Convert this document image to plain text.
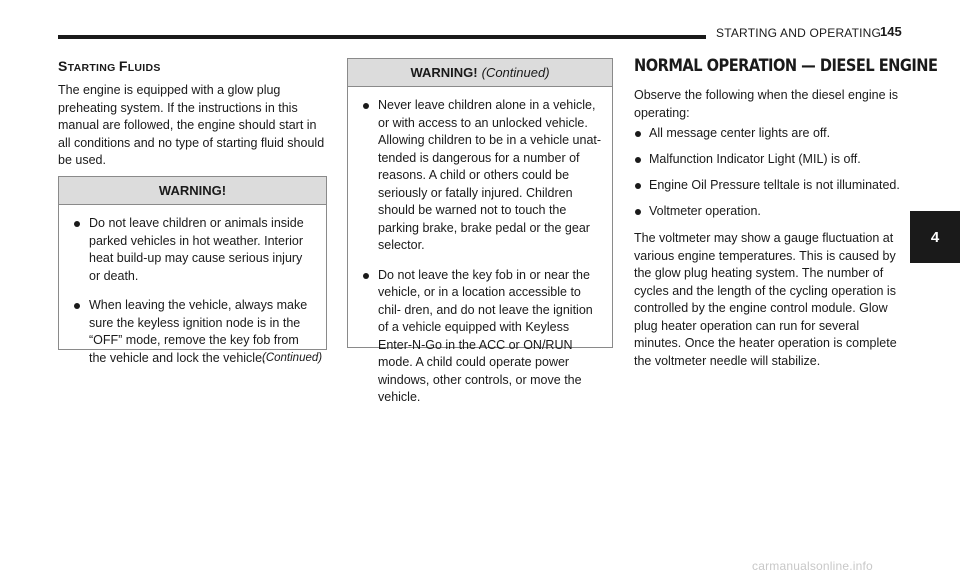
STARTING AND OPERATING
145
4
STARTING FLUIDS

The engine is equipped with a glow plug preheating system. If the instructions in this manual are followed, the engine should start in all conditions and no type of starting fluid should be used.

WARNING!
Do not leave children or animals inside parked vehicles in hot weather. Interior heat build-up may cause serious injury or death.
When leaving the vehicle, always make sure the keyless ignition node is in the “OFF” mode, remove the key fob from the vehicle and lock the vehicle.
(Continued)
WARNING! (Continued)
Never leave children alone in a vehicle, or with access to an unlocked vehicle. Allowing children to be in a vehicle unat- tended is dangerous for a number of reasons. A child or others could be seriously or fatally injured. Children should be warned not to touch the parking brake, brake pedal or the gear selector.
Do not leave the key fob in or near the vehicle, or in a location accessible to chil- dren, and do not leave the ignition of a vehicle equipped with Keyless Enter-N-Go in the ACC or ON/RUN mode. A child could operate power windows, other controls, or move the vehicle.
NORMAL OPERATION — DIESEL ENGINE

Observe the following when the diesel engine is operating:

All message center lights are off.
Malfunction Indicator Light (MIL) is off.
Engine Oil Pressure telltale is not illuminated.
Voltmeter operation.

The voltmeter may show a gauge fluctuation at various engine temperatures. This is caused by the glow plug heating system. The number of cycles and the length of the cycling operation is controlled by the engine control module. Glow plug heater operation can run for several minutes. Once the heater operation is complete the voltmeter needle will stabilize.

carmanualsonline.info
